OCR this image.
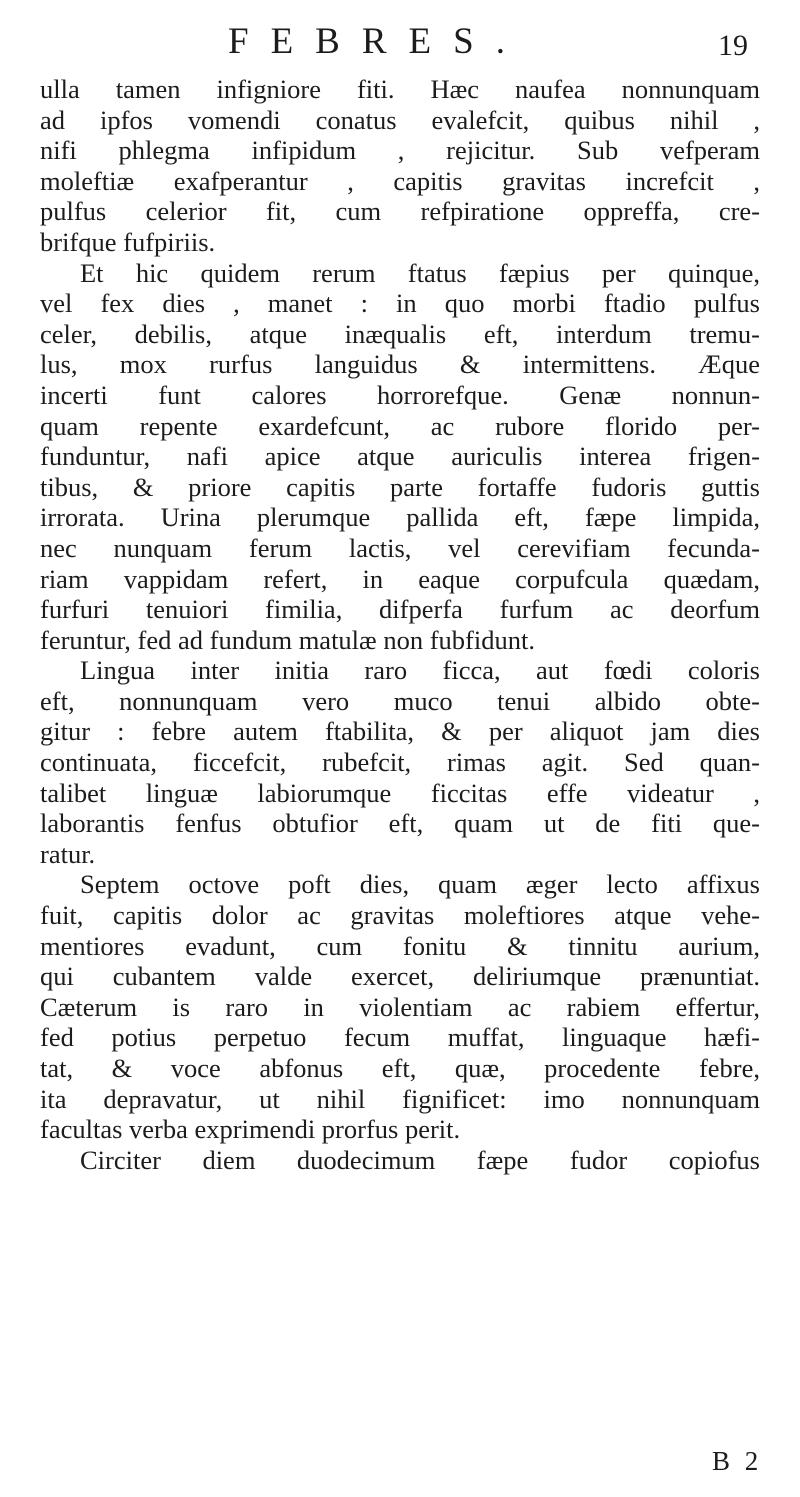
FEBRES.	19
ulla tamen infigniore fiti. Hæc naufea nonnunquam
ad ipfos vomendi conatus evalefcit, quibus nihil ,
nifi phlegma infipidum , rejicitur. Sub vefperam
moleftiæ exafperantur , capitis gravitas increfcit ,
pulfus celerior fit, cum refpiratione oppreffa, cre-
brifque fufpiriis.
Et hic quidem rerum ftatus fæpius per quinque,
vel fex dies , manet : in quo morbi ftadio pulfus
celer, debilis, atque inæqualis eft, interdum tremu-
lus, mox rurfus languidus & intermittens. Æque
incerti funt calores horrorefque. Genæ nonnun-
quam repente exardefcunt, ac rubore florido per-
funduntur, nafi apice atque auriculis interea frigen-
tibus, & priore capitis parte fortaffe fudoris guttis
irrorata. Urina plerumque pallida eft, fæpe limpida,
nec nunquam ferum lactis, vel cerevifiam fecunda-
riam vappidam refert, in eaque corpufcula quædam,
furfuri tenuiori fimilia, difperfa furfum ac deorfum
feruntur, fed ad fundum matulæ non fubfidunt.
Lingua inter initia raro ficca, aut fœdi coloris
eft, nonnunquam vero muco tenui albido obte-
gitur : febre autem ftabilita, & per aliquot jam dies
continuata, ficcefcit, rubefcit, rimas agit. Sed quan-
talibet linguæ labiorumque ficcitas effe videatur ,
laborantis fenfus obtufior eft, quam ut de fiti que-
ratur.
Septem octove poft dies, quam æger lecto affixus
fuit, capitis dolor ac gravitas moleftiores atque vehe-
mentiores evadunt, cum fonitu & tinnitu aurium,
qui cubantem valde exercet, deliriumque prænuntiat.
Cæterum is raro in violentiam ac rabiem effertur,
fed potius perpetuo fecum muffat, linguaque hæfi-
tat, & voce abfonus eft, quæ, procedente febre,
ita depravatur, ut nihil fignificet: imo nonnunquam
facultas verba exprimendi prorfus perit.
Circiter diem duodecimum fæpe fudor copiofus
B 2
